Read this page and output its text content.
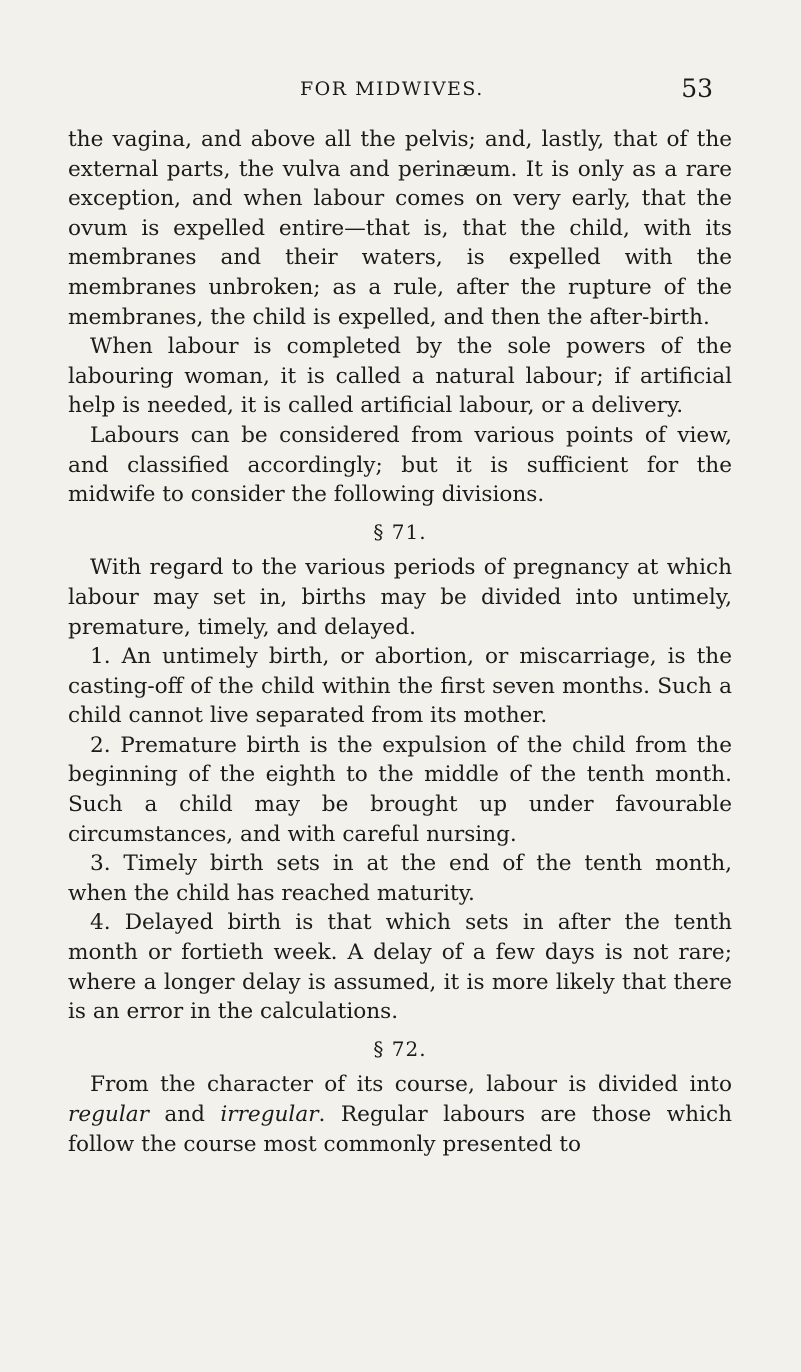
FOR MIDWIVES.	53

the vagina, and above all the pelvis; and, lastly, that of the external parts, the vulva and perinæum. It is only as a rare exception, and when labour comes on very early, that the ovum is expelled entire—that is, that the child, with its membranes and their waters, is expelled with the membranes unbroken; as a rule, after the rupture of the membranes, the child is expelled, and then the after-birth.

When labour is completed by the sole powers of the labouring woman, it is called a natural labour; if artificial help is needed, it is called artificial labour, or a delivery.

Labours can be considered from various points of view, and classified accordingly; but it is sufficient for the midwife to consider the following divisions.

§ 71.

With regard to the various periods of pregnancy at which labour may set in, births may be divided into untimely, premature, timely, and delayed.

1. An untimely birth, or abortion, or miscarriage, is the casting-off of the child within the first seven months. Such a child cannot live separated from its mother.

2. Premature birth is the expulsion of the child from the beginning of the eighth to the middle of the tenth month. Such a child may be brought up under favourable circumstances, and with careful nursing.

3. Timely birth sets in at the end of the tenth month, when the child has reached maturity.

4. Delayed birth is that which sets in after the tenth month or fortieth week. A delay of a few days is not rare; where a longer delay is assumed, it is more likely that there is an error in the calculations.

§ 72.

From the character of its course, labour is divided into regular and irregular. Regular labours are those which follow the course most commonly presented to
